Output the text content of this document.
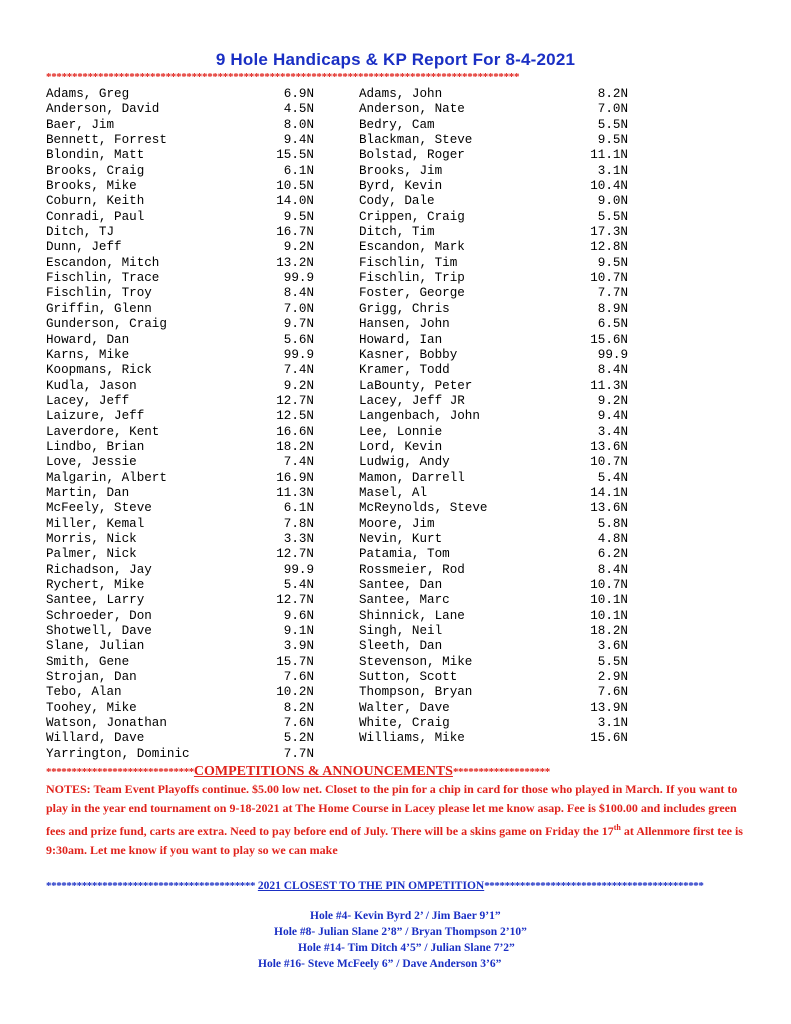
9 Hole Handicaps & KP Report For 8-4-2021
*******************************************************************************************
Adams, Greg	6.9N	Adams, John	8.2N
Anderson, David	4.5N	Anderson, Nate	7.0N
Baer, Jim	8.0N	Bedry, Cam	5.5N
Bennett, Forrest	9.4N	Blackman, Steve	9.5N
Blondin, Matt	15.5N	Bolstad, Roger	11.1N
Brooks, Craig	6.1N	Brooks, Jim	3.1N
Brooks, Mike	10.5N	Byrd, Kevin	10.4N
Coburn, Keith	14.0N	Cody, Dale	9.0N
Conradi, Paul	9.5N	Crippen, Craig	5.5N
Ditch, TJ	16.7N	Ditch, Tim	17.3N
Dunn, Jeff	9.2N	Escandon, Mark	12.8N
Escandon, Mitch	13.2N	Fischlin, Tim	9.5N
Fischlin, Trace	99.9	Fischlin, Trip	10.7N
Fischlin, Troy	8.4N	Foster, George	7.7N
Griffin, Glenn	7.0N	Grigg, Chris	8.9N
Gunderson, Craig	9.7N	Hansen, John	6.5N
Howard, Dan	5.6N	Howard, Ian	15.6N
Karns, Mike	99.9	Kasner, Bobby	99.9
Koopmans, Rick	7.4N	Kramer, Todd	8.4N
Kudla, Jason	9.2N	LaBounty, Peter	11.3N
Lacey, Jeff	12.7N	Lacey, Jeff JR	9.2N
Laizure, Jeff	12.5N	Langenbach, John	9.4N
Laverdore, Kent	16.6N	Lee, Lonnie	3.4N
Lindbo, Brian	18.2N	Lord, Kevin	13.6N
Love, Jessie	7.4N	Ludwig, Andy	10.7N
Malgarin, Albert	16.9N	Mamon, Darrell	5.4N
Martin, Dan	11.3N	Masel, Al	14.1N
McFeely, Steve	6.1N	McReynolds, Steve	13.6N
Miller, Kemal	7.8N	Moore, Jim	5.8N
Morris, Nick	3.3N	Nevin, Kurt	4.8N
Palmer, Nick	12.7N	Patamia, Tom	6.2N
Richadson, Jay	99.9	Rossmeier, Rod	8.4N
Rychert, Mike	5.4N	Santee, Dan	10.7N
Santee, Larry	12.7N	Santee, Marc	10.1N
Schroeder, Don	9.6N	Shinnick, Lane	10.1N
Shotwell, Dave	9.1N	Singh, Neil	18.2N
Slane, Julian	3.9N	Sleeth, Dan	3.6N
Smith, Gene	15.7N	Stevenson, Mike	5.5N
Strojan, Dan	7.6N	Sutton, Scott	2.9N
Tebo, Alan	10.2N	Thompson, Bryan	7.6N
Toohey, Mike	8.2N	Walter, Dave	13.9N
Watson, Jonathan	7.6N	White, Craig	3.1N
Willard, Dave	5.2N	Williams, Mike	15.6N
Yarrington, Dominic	7.7N
*****************************COMPETITIONS & ANNOUNCEMENTS*******************
NOTES: Team Event Playoffs continue. $5.00 low net. Closet to the pin for a chip in card for those who played in March. If you want to play in the year end tournament on 9-18-2021 at The Home Course in Lacey please let me know asap. Fee is $100.00 and includes green fees and prize fund, carts are extra. Need to pay before end of July. There will be a skins game on Friday the 17th at Allenmore first tee is 9:30am. Let me know if you want to play so we can make
***************************************** 2021 CLOSEST TO THE PIN OMPETITION*******************************************
Hole #4- Kevin Byrd 2’ / Jim Baer 9’1”
Hole #8- Julian Slane 2’8” / Bryan Thompson 2’10”
Hole #14- Tim Ditch 4’5” / Julian Slane 7’2”
Hole #16- Steve McFeely 6” / Dave Anderson 3’6”
